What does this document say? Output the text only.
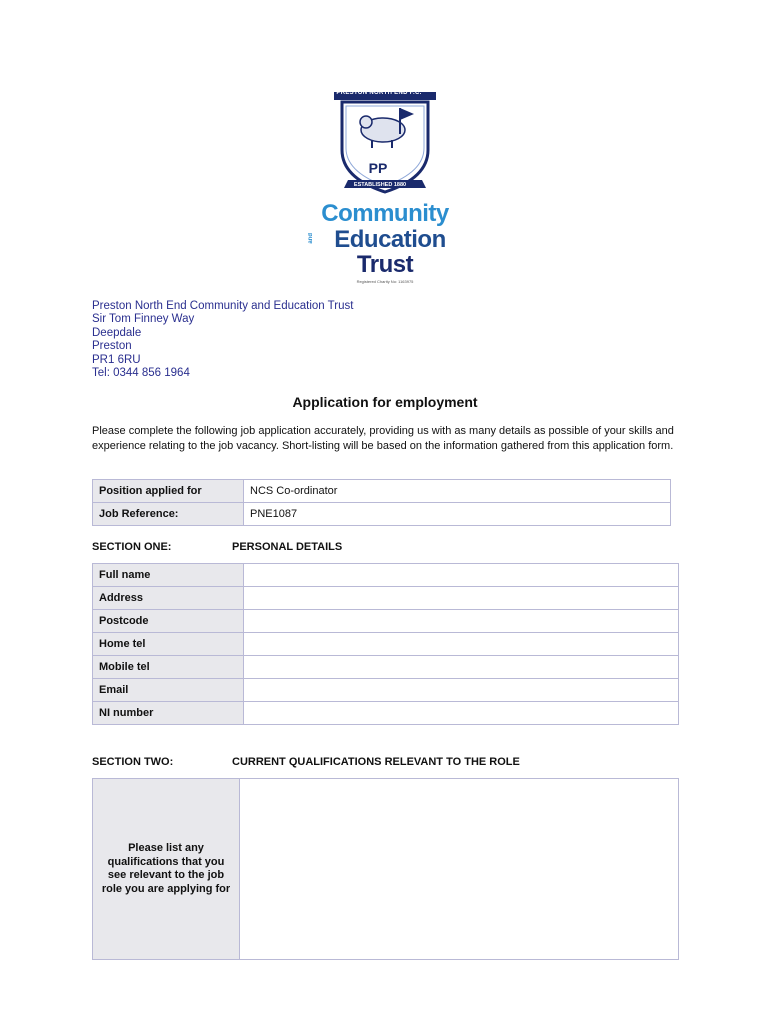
PRESTON NORTH END F.C.
PP
ESTABLISHED 1880
Community
and Education
Trust
Registered Charity No: 1163975
Preston North End Community and Education Trust
Sir Tom Finney Way
Deepdale
Preston
PR1 6RU
Tel: 0344 856 1964
Application for employment
Please complete the following job application accurately, providing us with as many details as possible of your skills and experience relating to the job vacancy. Short-listing will be based on the information gathered from this application form.
Position applied for	NCS Co-ordinator
Job Reference:	PNE1087
SECTION ONE:	PERSONAL DETAILS
Full name	
Address	
Postcode	
Home tel	
Mobile tel	
Email	
NI number	
SECTION TWO:	CURRENT QUALIFICATIONS RELEVANT TO THE ROLE
Please list any qualifications that you see relevant to the job role you are applying for	
